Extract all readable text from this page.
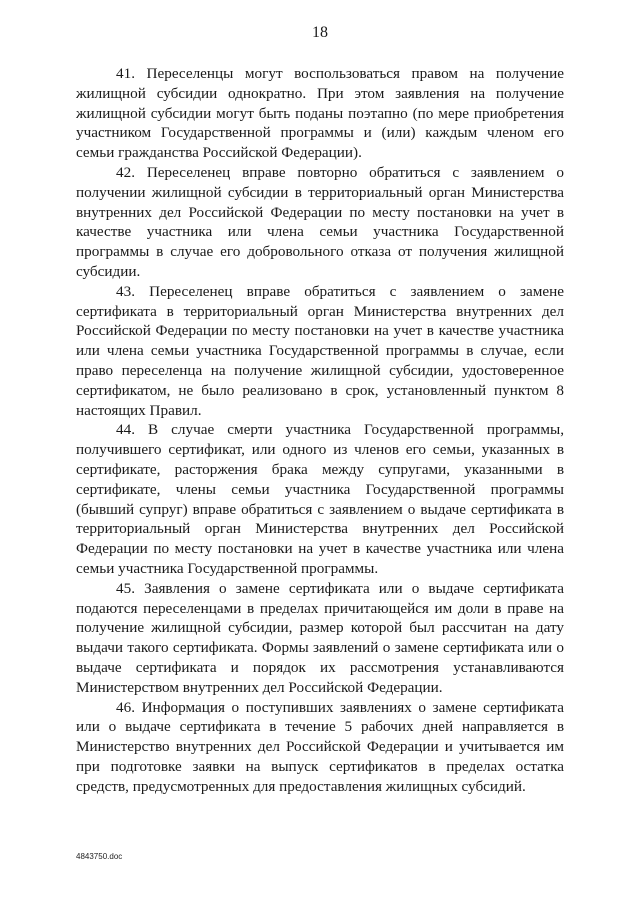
18

41. Переселенцы могут воспользоваться правом на получение жилищной субсидии однократно. При этом заявления на получение жилищной субсидии могут быть поданы поэтапно (по мере приобретения участником Государственной программы и (или) каждым членом его семьи гражданства Российской Федерации).

42. Переселенец вправе повторно обратиться с заявлением о получении жилищной субсидии в территориальный орган Министерства внутренних дел Российской Федерации по месту постановки на учет в качестве участника или члена семьи участника Государственной программы в случае его добровольного отказа от получения жилищной субсидии.

43. Переселенец вправе обратиться с заявлением о замене сертификата в территориальный орган Министерства внутренних дел Российской Федерации по месту постановки на учет в качестве участника или члена семьи участника Государственной программы в случае, если право переселенца на получение жилищной субсидии, удостоверенное сертификатом, не было реализовано в срок, установленный пунктом 8 настоящих Правил.

44. В случае смерти участника Государственной программы, получившего сертификат, или одного из членов его семьи, указанных в сертификате, расторжения брака между супругами, указанными в сертификате, члены семьи участника Государственной программы (бывший супруг) вправе обратиться с заявлением о выдаче сертификата в территориальный орган Министерства внутренних дел Российской Федерации по месту постановки на учет в качестве участника или члена семьи участника Государственной программы.

45. Заявления о замене сертификата или о выдаче сертификата подаются переселенцами в пределах причитающейся им доли в праве на получение жилищной субсидии, размер которой был рассчитан на дату выдачи такого сертификата. Формы заявлений о замене сертификата или о выдаче сертификата и порядок их рассмотрения устанавливаются Министерством внутренних дел Российской Федерации.

46. Информация о поступивших заявлениях о замене сертификата или о выдаче сертификата в течение 5 рабочих дней направляется в Министерство внутренних дел Российской Федерации и учитывается им при подготовке заявки на выпуск сертификатов в пределах остатка средств, предусмотренных для предоставления жилищных субсидий.

4843750.doc
